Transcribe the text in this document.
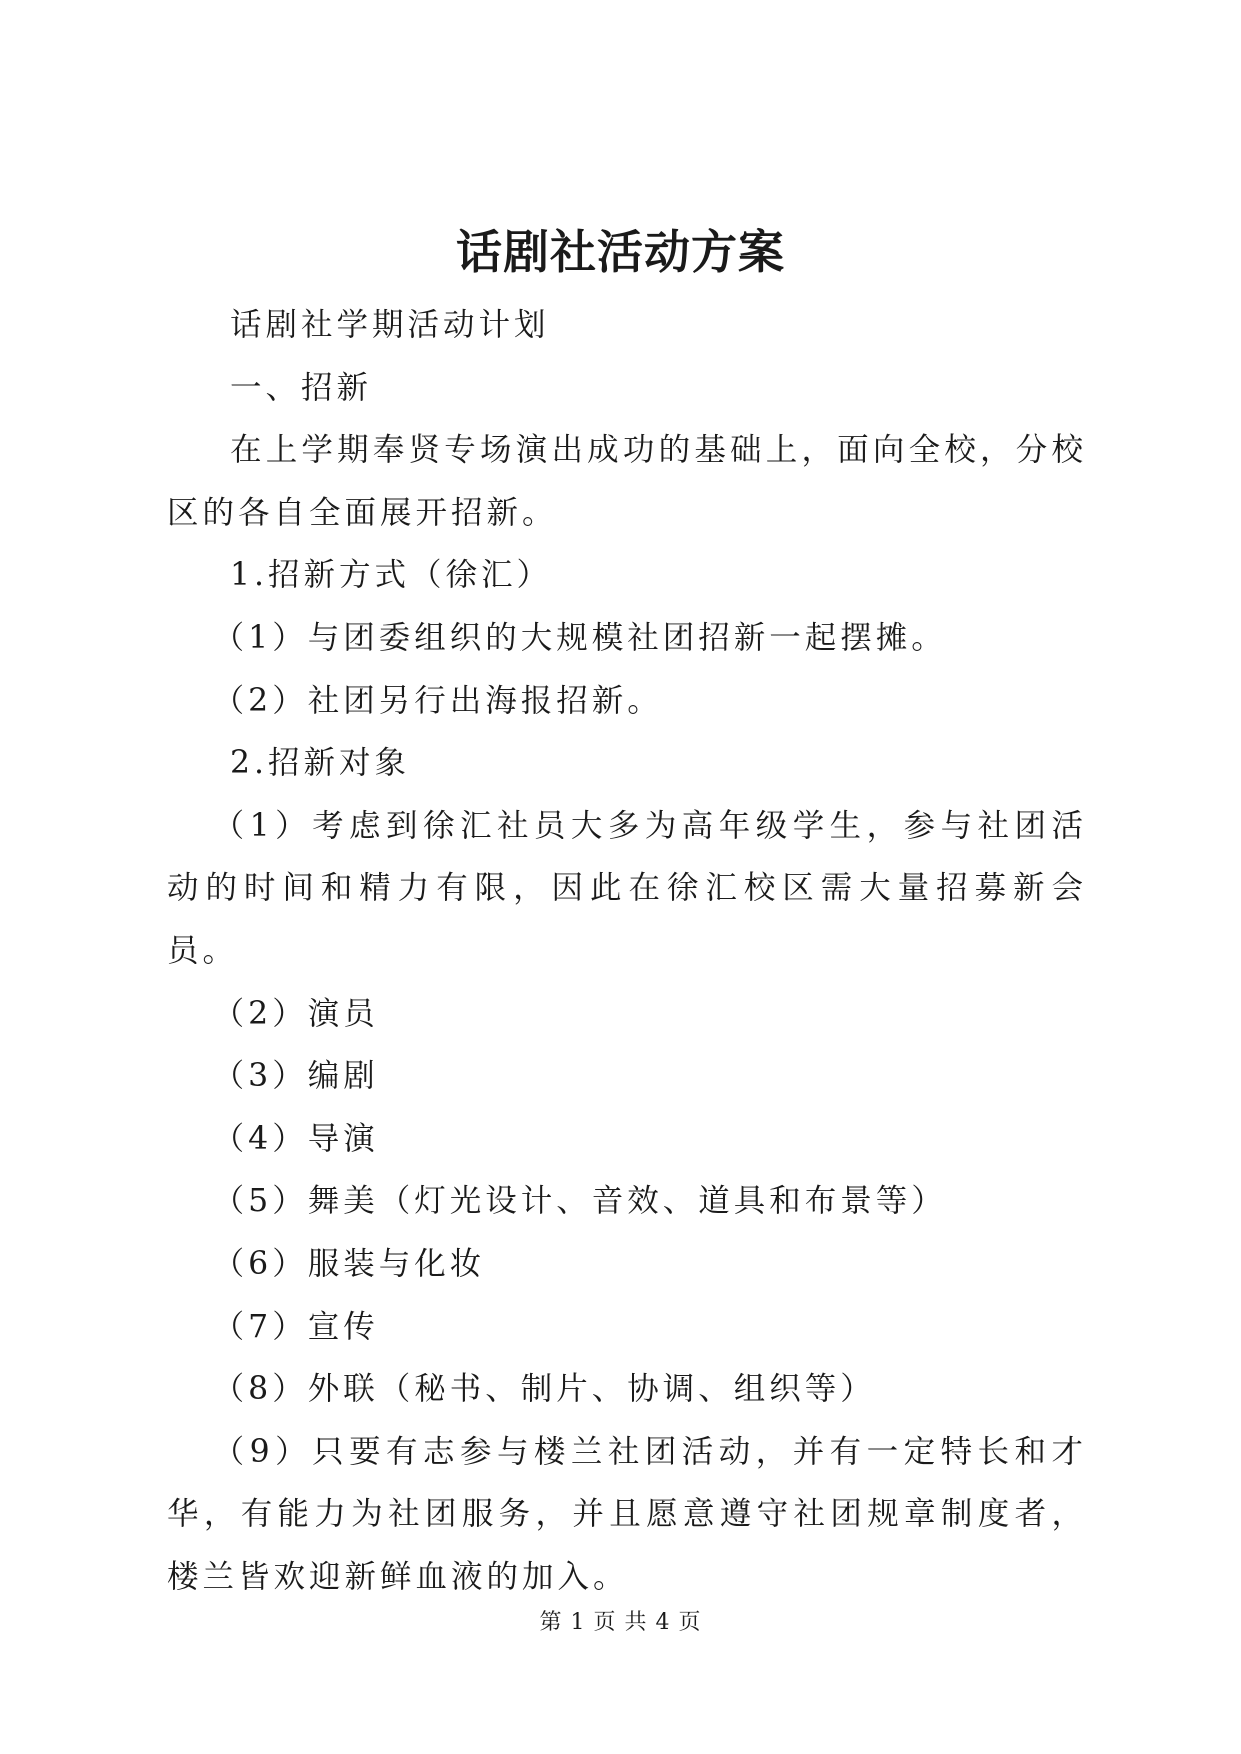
话剧社活动方案

话剧社学期活动计划

一、招新

在上学期奉贤专场演出成功的基础上，面向全校，分校区的各自全面展开招新。

1.招新方式（徐汇）

（1）与团委组织的大规模社团招新一起摆摊。

（2）社团另行出海报招新。

2.招新对象

（1）考虑到徐汇社员大多为高年级学生，参与社团活动的时间和精力有限，因此在徐汇校区需大量招募新会员。

（2）演员

（3）编剧

（4）导演

（5）舞美（灯光设计、音效、道具和布景等）

（6）服装与化妆

（7）宣传

（8）外联（秘书、制片、协调、组织等）

（9）只要有志参与楼兰社团活动，并有一定特长和才华，有能力为社团服务，并且愿意遵守社团规章制度者，楼兰皆欢迎新鲜血液的加入。

第 1 页 共 4 页
